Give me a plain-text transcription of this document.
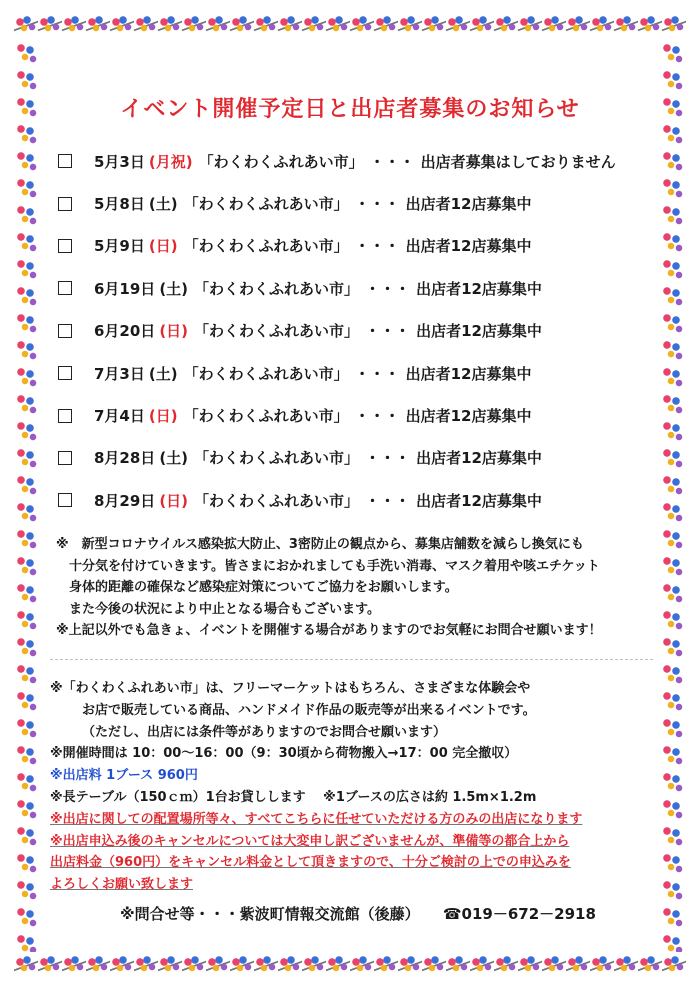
イベント開催予定日と出店者募集のお知らせ
5月3日 (月祝) 「わくわくふれあい市」 ・・・ 出店者募集はしておりません
5月8日 (土) 「わくわくふれあい市」 ・・・ 出店者12店募集中
5月9日 (日) 「わくわくふれあい市」 ・・・ 出店者12店募集中
6月19日 (土) 「わくわくふれあい市」 ・・・ 出店者12店募集中
6月20日 (日) 「わくわくふれあい市」 ・・・ 出店者12店募集中
7月3日 (土) 「わくわくふれあい市」 ・・・ 出店者12店募集中
7月4日 (日) 「わくわくふれあい市」 ・・・ 出店者12店募集中
8月28日 (土) 「わくわくふれあい市」 ・・・ 出店者12店募集中
8月29日 (日) 「わくわくふれあい市」 ・・・ 出店者12店募集中
※　新型コロナウイルス感染拡大防止、3密防止の観点から、募集店舗数を減らし換気にも
　十分気を付けていきます。皆さまにおかれましても手洗い消毒、マスク着用や咳エチケット
　身体的距離の確保など感染症対策についてご協力をお願いします。
　また今後の状況により中止となる場合もございます。
※上記以外でも急きょ、イベントを開催する場合がありますのでお気軽にお問合せ願います！
※「わくわくふれあい市」は、フリーマーケットはもちろん、さまざまな体験会や
お店で販売している商品、ハンドメイド作品の販売等が出来るイベントです。
（ただし、出店には条件等がありますのでお問合せ願います）
※開催時間は 10：00～16：00（9：30頃から荷物搬入→17：00 完全撤収）
※出店料 1ブース 960円
※長テーブル（150ｃｍ）1台お貸しします　 ※1ブースの広さは約 1.5m×1.2m
※出店に関しての配置場所等々、すべてこちらに任せていただける方のみの出店になります
※出店申込み後のキャンセルについては大変申し訳ございませんが、準備等の都合上から
出店料金（960円）をキャンセル料金として頂きますので、十分ご検討の上での申込みを
よろしくお願い致します
※問合せ等・・・紫波町情報交流館（後藤） ☎019－672－2918
